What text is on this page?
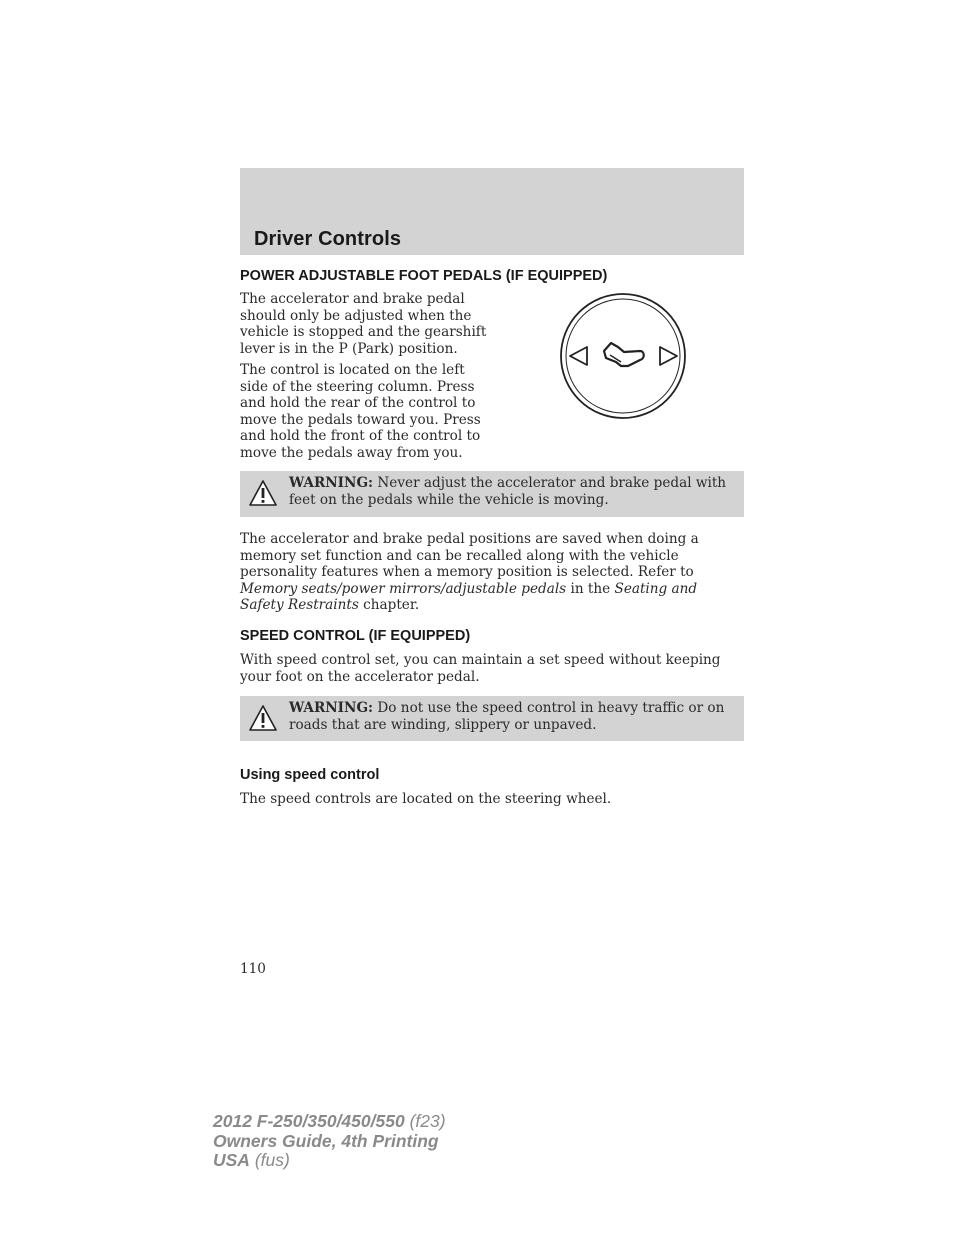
Driver Controls
POWER ADJUSTABLE FOOT PEDALS (IF EQUIPPED)

The accelerator and brake pedal
should only be adjusted when the
vehicle is stopped and the gearshift
lever is in the P (Park) position.

The control is located on the left
side of the steering column. Press
and hold the rear of the control to
move the pedals toward you. Press
and hold the front of the control to
move the pedals away from you.

WARNING: Never adjust the accelerator and brake pedal with feet on the pedals while the vehicle is moving.

The accelerator and brake pedal positions are saved when doing a
memory set function and can be recalled along with the vehicle
personality features when a memory position is selected. Refer to
Memory seats/power mirrors/adjustable pedals in the Seating and
Safety Restraints chapter.

SPEED CONTROL (IF EQUIPPED)

With speed control set, you can maintain a set speed without keeping
your foot on the accelerator pedal.

WARNING: Do not use the speed control in heavy traffic or on roads that are winding, slippery or unpaved.

Using speed control

The speed controls are located on the steering wheel.

110

2012 F-250/350/450/550 (f23)
Owners Guide, 4th Printing
USA (fus)
